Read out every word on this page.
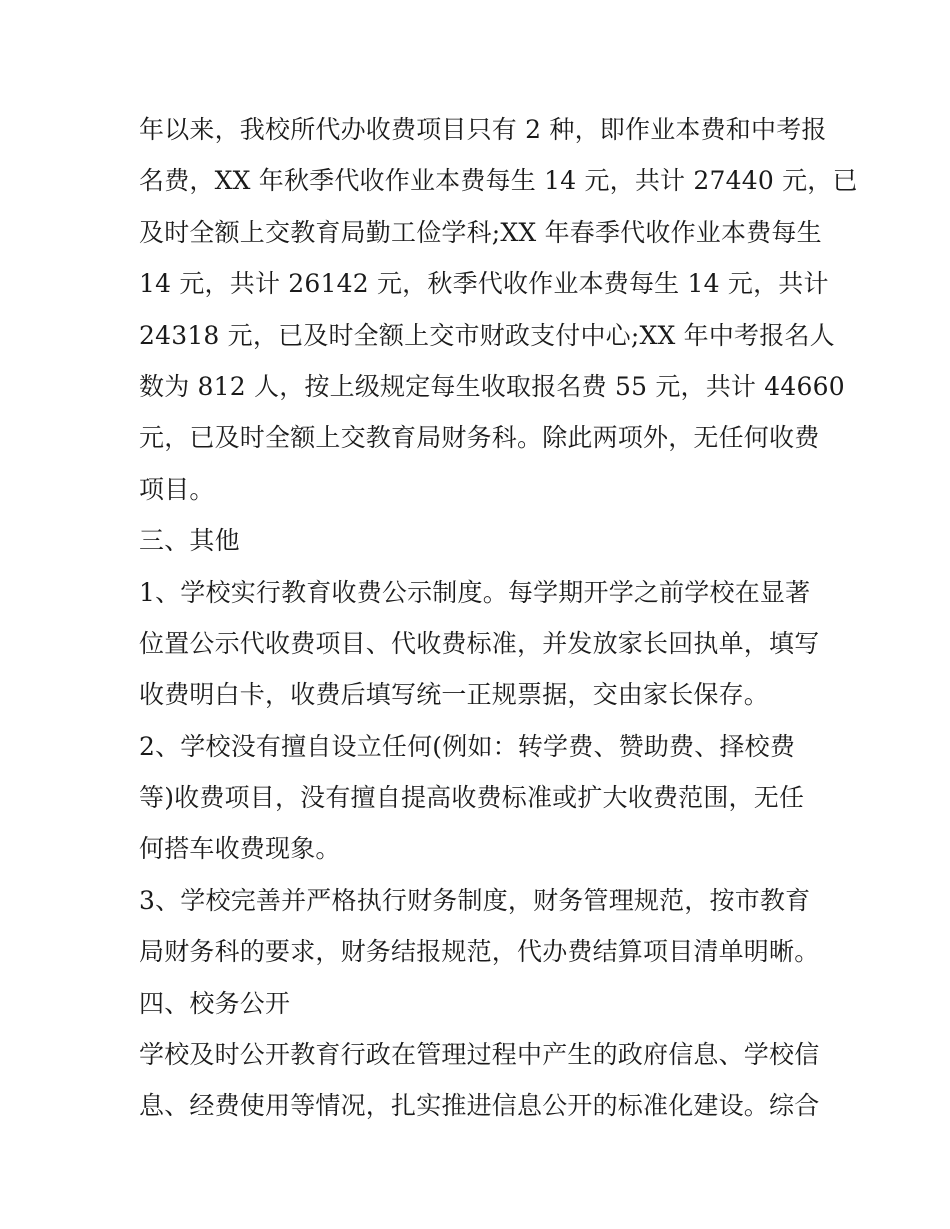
年以来，我校所代办收费项目只有 2 种，即作业本费和中考报
名费，XX 年秋季代收作业本费每生 14 元，共计 27440 元，已
及时全额上交教育局勤工俭学科;XX 年春季代收作业本费每生
14 元，共计 26142 元，秋季代收作业本费每生 14 元，共计
24318 元，已及时全额上交市财政支付中心;XX 年中考报名人
数为 812 人，按上级规定每生收取报名费 55 元，共计 44660
元，已及时全额上交教育局财务科。除此两项外，无任何收费
项目。
三、其他
1、学校实行教育收费公示制度。每学期开学之前学校在显著
位置公示代收费项目、代收费标准，并发放家长回执单，填写
收费明白卡，收费后填写统一正规票据，交由家长保存。
2、学校没有擅自设立任何(例如：转学费、赞助费、择校费
等)收费项目，没有擅自提高收费标准或扩大收费范围，无任
何搭车收费现象。
3、学校完善并严格执行财务制度，财务管理规范，按市教育
局财务科的要求，财务结报规范，代办费结算项目清单明晰。
四、校务公开
学校及时公开教育行政在管理过程中产生的政府信息、学校信
息、经费使用等情况，扎实推进信息公开的标准化建设。综合
